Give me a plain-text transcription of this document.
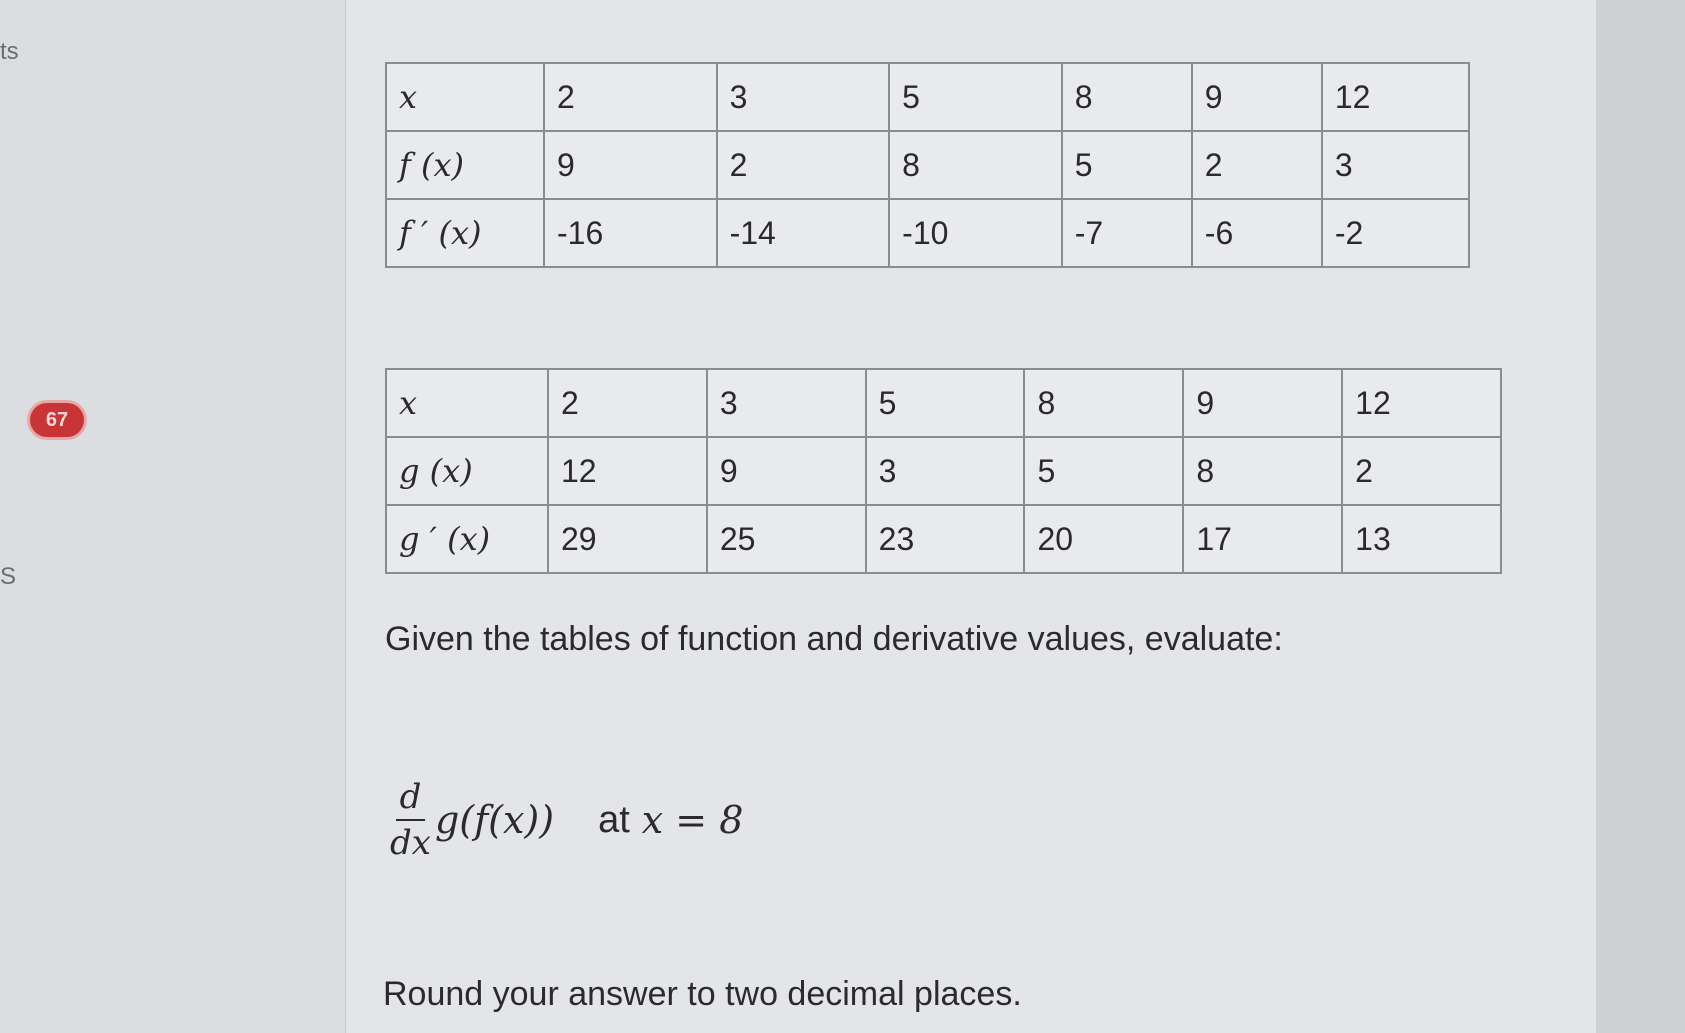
ts
67
S
x	2	3	5	8	9	12
f (x)	9	2	8	5	2	3
f ′ (x)	-16	-14	-10	-7	-6	-2
x	2	3	5	8	9	12
g (x)	12	9	3	5	8	2
g ′ (x)	29	25	23	20	17	13
Given the tables of function and derivative values, evaluate:
$\frac{d}{dx} g(f(x))$ at x = 8
Round your answer to two decimal places.
